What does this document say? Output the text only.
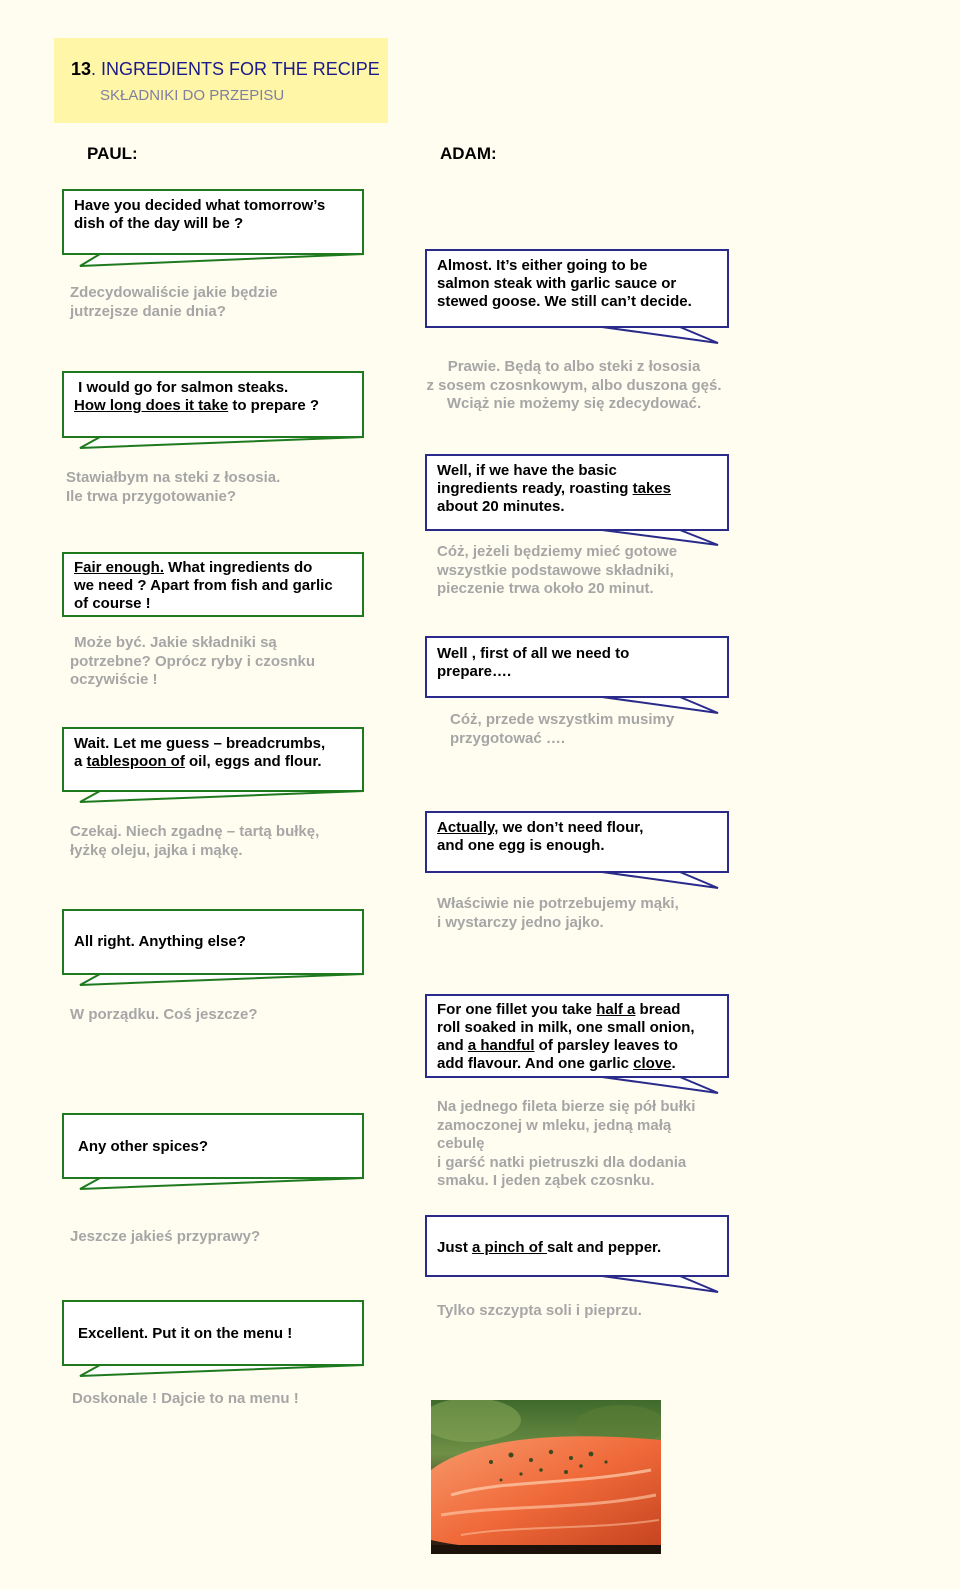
13. INGREDIENTS FOR THE RECIPE
SKŁADNIKI DO PRZEPISU
PAUL:	ADAM:
Have you decided what tomorrow’s
dish of the day will be ?
Zdecydowaliście jakie będzie
jutrzejsze danie dnia?
Almost. It’s either going to be
salmon steak with garlic sauce or
stewed goose. We still can’t decide.
Prawie. Będą to albo steki z łososia
z sosem czosnkowym, albo duszona gęś.
Wciąż nie możemy się zdecydować.
I would go for salmon steaks.
How long does it take to prepare ?
Stawiałbym na steki z łososia.
Ile trwa przygotowanie?
Well, if we have the basic
ingredients ready, roasting takes
about 20 minutes.
Cóż, jeżeli będziemy mieć gotowe
wszystkie podstawowe składniki,
pieczenie trwa około 20 minut.
Fair enough. What ingredients do
we need ? Apart from fish and garlic
of course !
Może być. Jakie składniki są
potrzebne? Oprócz ryby i czosnku
oczywiście !
Well , first of all we need to
prepare….
Cóż, przede wszystkim musimy
przygotować ….
Wait. Let me guess – breadcrumbs,
a tablespoon of oil, eggs and flour.
Czekaj. Niech zgadnę – tartą bułkę,
łyżkę oleju, jajka i mąkę.
Actually, we don’t need flour,
and one egg is enough.
Właściwie nie potrzebujemy mąki,
i wystarczy jedno jajko.
All right. Anything else?
W porządku. Coś jeszcze?	For one fillet you take half a bread
roll soaked in milk, one small onion,
and a handful of parsley leaves to
add flavour. And one garlic clove.
Na jednego fileta bierze się pół bułki
zamoczonej w mleku, jedną małą
cebulę
i garść natki pietruszki dla dodania
smaku. I jeden ząbek czosnku.
Any other spices?
Jeszcze jakieś przyprawy?
Just a pinch of salt and pepper.
Tylko szczypta soli i pieprzu.
Excellent. Put it on the menu !
Doskonale ! Dajcie to na menu !
